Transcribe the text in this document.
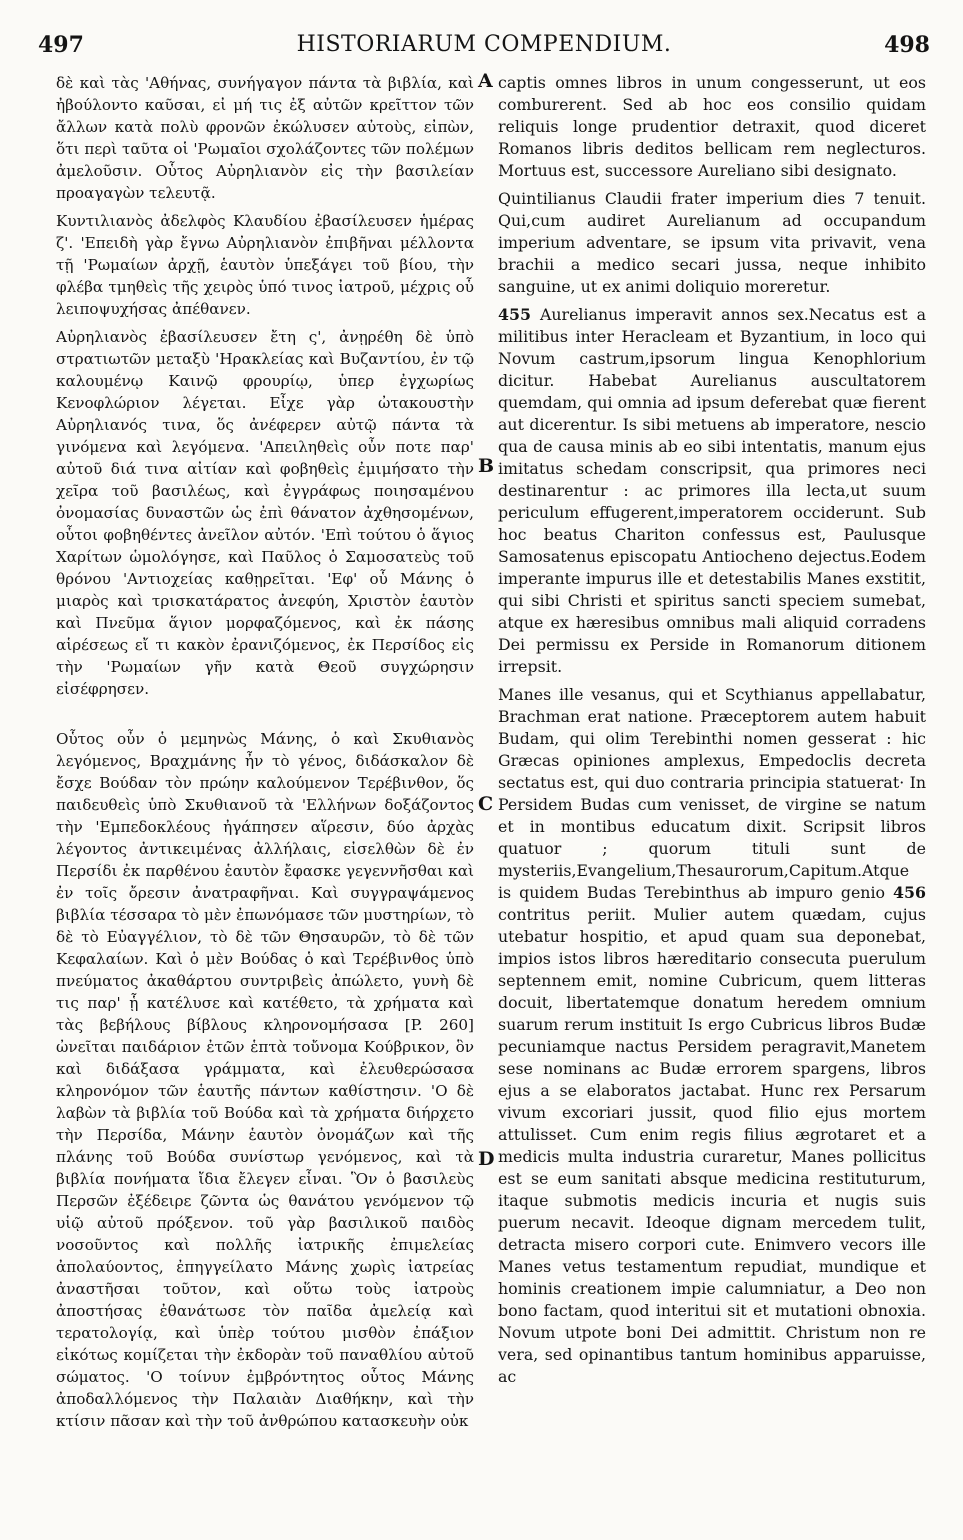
497	HISTORIARUM COMPENDIUM.	498

δὲ καὶ τὰς 'Αθήνας, συνήγαγον πάντα τὰ βιβλία, καὶ ἠβούλοντο καῦσαι, εἰ μή τις ἐξ αὐτῶν κρεῖττον τῶν ἄλλων κατὰ πολὺ φρονῶν ἐκώλυσεν αὐτοὺς, εἰπὼν, ὅτι περὶ ταῦτα οἱ 'Ρωμαῖοι σχολάζοντες τῶν πολέμων ἀμελοῦσιν. Οὗτος Αὐρηλιανὸν εἰς τὴν βασιλείαν προαγαγὼν τελευτᾷ.

Κυντιλιανὸς ἀδελφὸς Κλαυδίου ἐβασίλευσεν ἡμέρας ζ'. 'Επειδὴ γὰρ ἔγνω Αὐρηλιανὸν ἐπιβῆναι μέλλοντα τῇ 'Ρωμαίων ἀρχῇ, ἑαυτὸν ὑπεξάγει τοῦ βίου, τὴν φλέβα τμηθεὶς τῆς χειρὸς ὑπό τινος ἰατροῦ, μέχρις οὗ λειποψυχήσας ἀπέθανεν.

Αὐρηλιανὸς ἐβασίλευσεν ἔτη ς', ἀνῃρέθη δὲ ὑπὸ στρατιωτῶν μεταξὺ 'Ηρακλείας καὶ Βυζαντίου, ἐν τῷ καλουμένῳ Καινῷ φρουρίῳ, ὑπερ ἐγχωρίως Κενοφλώριον λέγεται. Εἶχε γὰρ ὠτακουστὴν Αὐρηλιανός τινα, ὅς ἀνέφερεν αὐτῷ πάντα τὰ γινόμενα καὶ λεγόμενα. 'Απειληθεὶς οὖν ποτε παρ' αὐτοῦ διά τινα αἰτίαν καὶ φοβηθεὶς ἐμιμήσατο τὴν χεῖρα τοῦ βασιλέως, καὶ ἐγγράφως ποιησαμένου ὀνομασίας δυναστῶν ὡς ἐπὶ θάνατον ἀχθησομένων, οὗτοι φοβηθέντες ἀνεῖλον αὐτόν. 'Επὶ τούτου ὁ ἅγιος Χαρίτων ὡμολόγησε, καὶ Παῦλος ὁ Σαμοσατεὺς τοῦ θρόνου 'Αντιοχείας καθῃρεῖται. 'Εφ' οὗ Μάνης ὁ μιαρὸς καὶ τρισκατάρατος ἀνεφύη, Χριστὸν ἑαυτὸν καὶ Πνεῦμα ἅγιον μορφαζόμενος, καὶ ἐκ πάσης αἱρέσεως εἴ τι κακὸν ἐρανιζόμενος, ἐκ Περσίδος εἰς τὴν 'Ρωμαίων γῆν κατὰ Θεοῦ συγχώρησιν εἰσέφρησεν.

Οὗτος οὖν ὁ μεμηνὼς Μάνης, ὁ καὶ Σκυθιανὸς λεγόμενος, Βραχμάνης ἦν τὸ γένος, διδάσκαλον δὲ ἔσχε Βούδαν τὸν πρώην καλούμενον Τερέβινθον, ὅς παιδευθεὶς ὑπὸ Σκυθιανοῦ τὰ 'Ελλήνων δοξάζοντος τὴν 'Εμπεδοκλέους ἠγάπησεν αἵρεσιν, δύο ἀρχὰς λέγοντος ἀντικειμένας ἀλλήλαις, εἰσελθὼν δὲ ἐν Περσίδι ἐκ παρθένου ἑαυτὸν ἔφασκε γεγεννῆσθαι καὶ ἐν τοῖς ὄρεσιν ἀνατραφῆναι. Καὶ συγγραψάμενος βιβλία τέσσαρα τὸ μὲν ἐπωνόμασε τῶν μυστηρίων, τὸ δὲ τὸ Εὐαγγέλιον, τὸ δὲ τῶν Θησαυρῶν, τὸ δὲ τῶν Κεφαλαίων. Καὶ ὁ μὲν Βούδας ὁ καὶ Τερέβινθος ὑπὸ πνεύματος ἀκαθάρτου συντριβεὶς ἀπώλετο, γυνὴ δὲ τις παρ' ᾗ κατέλυσε καὶ κατέθετο, τὰ χρήματα καὶ τὰς βεβήλους βίβλους κληρονομήσασα [P. 260] ὠνεῖται παιδάριον ἐτῶν ἑπτὰ τοὔνομα Κούβρικον, ὃν καὶ διδάξασα γράμματα, καὶ ἐλευθερώσασα κληρονόμον τῶν ἑαυτῆς πάντων καθίστησιν. 'Ο δὲ λαβὼν τὰ βιβλία τοῦ Βούδα καὶ τὰ χρήματα διήρχετο τὴν Περσίδα, Μάνην ἑαυτὸν ὀνομάζων καὶ τῆς πλάνης τοῦ Βούδα συνίστωρ γενόμενος, καὶ τὰ βιβλία πονήματα ἴδια ἔλεγεν εἶναι. Ὃν ὁ βασιλεὺς Περσῶν ἐξέδειρε ζῶντα ὡς θανάτου γενόμενον τῷ υἱῷ αὐτοῦ πρόξενον. τοῦ γὰρ βασιλικοῦ παιδὸς νοσοῦντος καὶ πολλῆς ἰατρικῆς ἐπιμελείας ἀπολαύοντος, ἐπηγγείλατο Μάνης χωρὶς ἰατρείας ἀναστῆσαι τοῦτον, καὶ οὕτω τοὺς ἰατροὺς ἀποστήσας ἐθανάτωσε τὸν παῖδα ἀμελείᾳ καὶ τερατολογίᾳ, καὶ ὑπὲρ τούτου μισθὸν ἐπάξιον εἰκότως κομίζεται τὴν ἐκδορὰν τοῦ παναθλίου αὐτοῦ σώματος. 'Ο τοίνυν ἐμβρόντητος οὗτος Μάνης ἀποδαλλόμενος τὴν Παλαιὰν Διαθήκην, καὶ τὴν κτίσιν πᾶσαν καὶ τὴν τοῦ ἀνθρώπου κατασκευὴν οὐκ

A
B
C
D

captis omnes libros in unum congesserunt, ut eos comburerent. Sed ab hoc eos consilio quidam reliquis longe prudentior detraxit, quod diceret Romanos libris deditos bellicam rem neglecturos. Mortuus est, successore Aureliano sibi designato.

Quintilianus Claudii frater imperium dies 7 tenuit. Qui,cum audiret Aurelianum ad occupandum imperium adventare, se ipsum vita privavit, vena brachii a medico secari jussa, neque inhibito sanguine, ut ex animi doliquio moreretur.

455 Aurelianus imperavit annos sex.Necatus est a militibus inter Heracleam et Byzantium, in loco qui Novum castrum,ipsorum lingua Kenophlorium dicitur. Habebat Aurelianus auscultatorem quemdam, qui omnia ad ipsum deferebat quæ fierent aut dicerentur. Is sibi metuens ab imperatore, nescio qua de causa minis ab eo sibi intentatis, manum ejus imitatus schedam conscripsit, qua primores neci destinarentur : ac primores illa lecta,ut suum periculum effugerent,imperatorem occiderunt. Sub hoc beatus Chariton confessus est, Paulusque Samosatenus episcopatu Antiocheno dejectus.Eodem imperante impurus ille et detestabilis Manes exstitit, qui sibi Christi et spiritus sancti speciem sumebat, atque ex hæresibus omnibus mali aliquid corradens Dei permissu ex Perside in Romanorum ditionem irrepsit.

Manes ille vesanus, qui et Scythianus appellabatur, Brachman erat natione. Præceptorem autem habuit Budam, qui olim Terebinthi nomen gesserat : hic Græcas opiniones amplexus, Empedoclis decreta sectatus est, qui duo contraria principia statuerat· In Persidem Budas cum venisset, de virgine se natum et in montibus educatum dixit. Scripsit libros quatuor ; quorum tituli sunt de mysteriis,Evangelium,Thesaurorum,Capitum.Atque is quidem Budas Terebinthus ab impuro genio 456 contritus periit. Mulier autem quædam, cujus utebatur hospitio, et apud quam sua deponebat, impios istos libros hæreditario consecuta puerulum septennem emit, nomine Cubricum, quem litteras docuit, libertatemque donatum heredem omnium suarum rerum instituit Is ergo Cubricus libros Budæ pecuniamque nactus Persidem peragravit,Manetem sese nominans ac Budæ errorem spargens, libros ejus a se elaboratos jactabat. Hunc rex Persarum vivum excoriari jussit, quod filio ejus mortem attulisset. Cum enim regis filius ægrotaret et a medicis multa industria curaretur, Manes pollicitus est se eum sanitati absque medicina restituturum, itaque submotis medicis incuria et nugis suis puerum necavit. Ideoque dignam mercedem tulit, detracta misero corpori cute. Enimvero vecors ille Manes vetus testamentum repudiat, mundique et hominis creationem impie calumniatur, a Deo non bono factam, quod interitui sit et mutationi obnoxia. Novum utpote boni Dei admittit. Christum non re vera, sed opinantibus tantum hominibus apparuisse, ac
